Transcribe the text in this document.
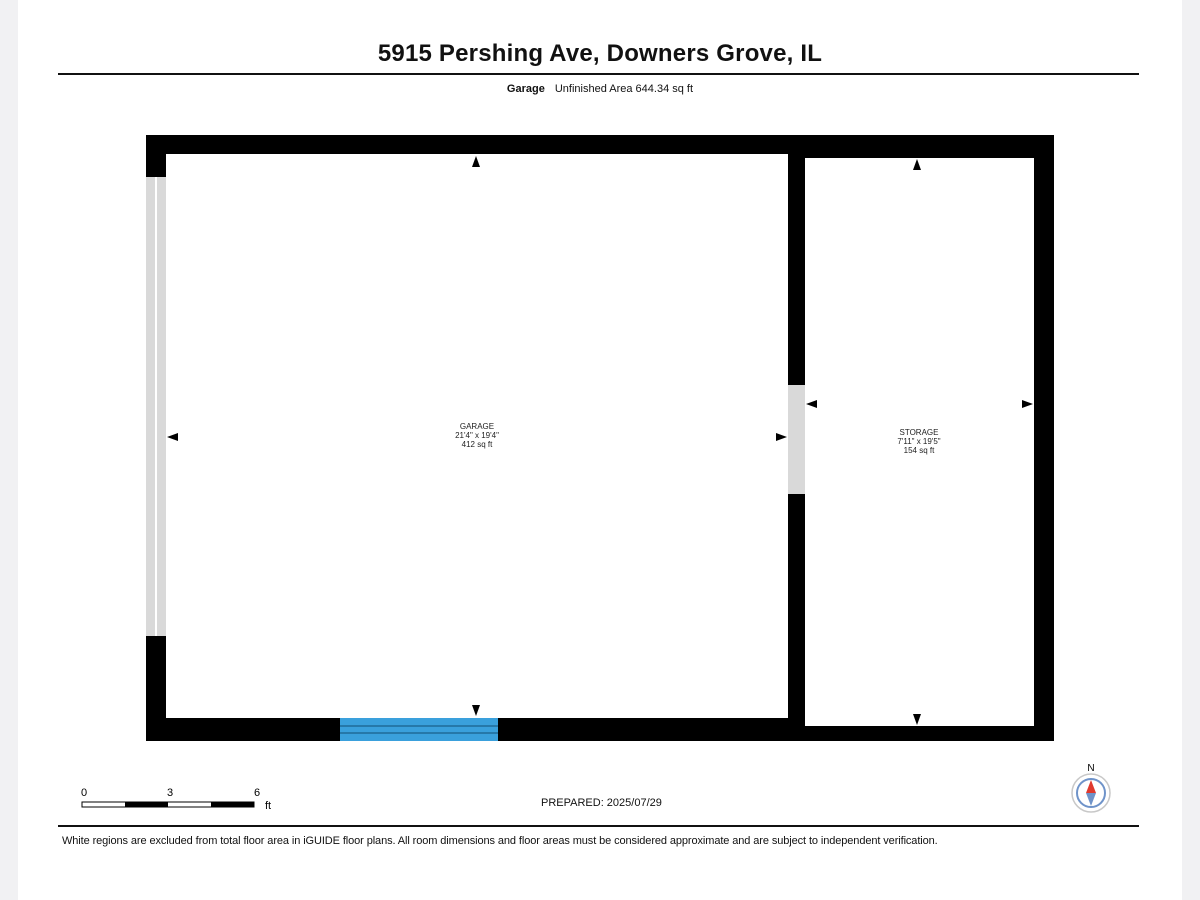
5915 Pershing Ave, Downers Grove, IL
Garage Unfinished Area 644.34 sq ft
GARAGE
21'4" x 19'4"
412 sq ft
STORAGE
7'11" x 19'5"
154 sq ft
0	3	6
ft
N
PREPARED: 2025/07/29
White regions are excluded from total floor area in iGUIDE floor plans. All room dimensions and floor areas must be considered approximate and are subject to independent verification.
